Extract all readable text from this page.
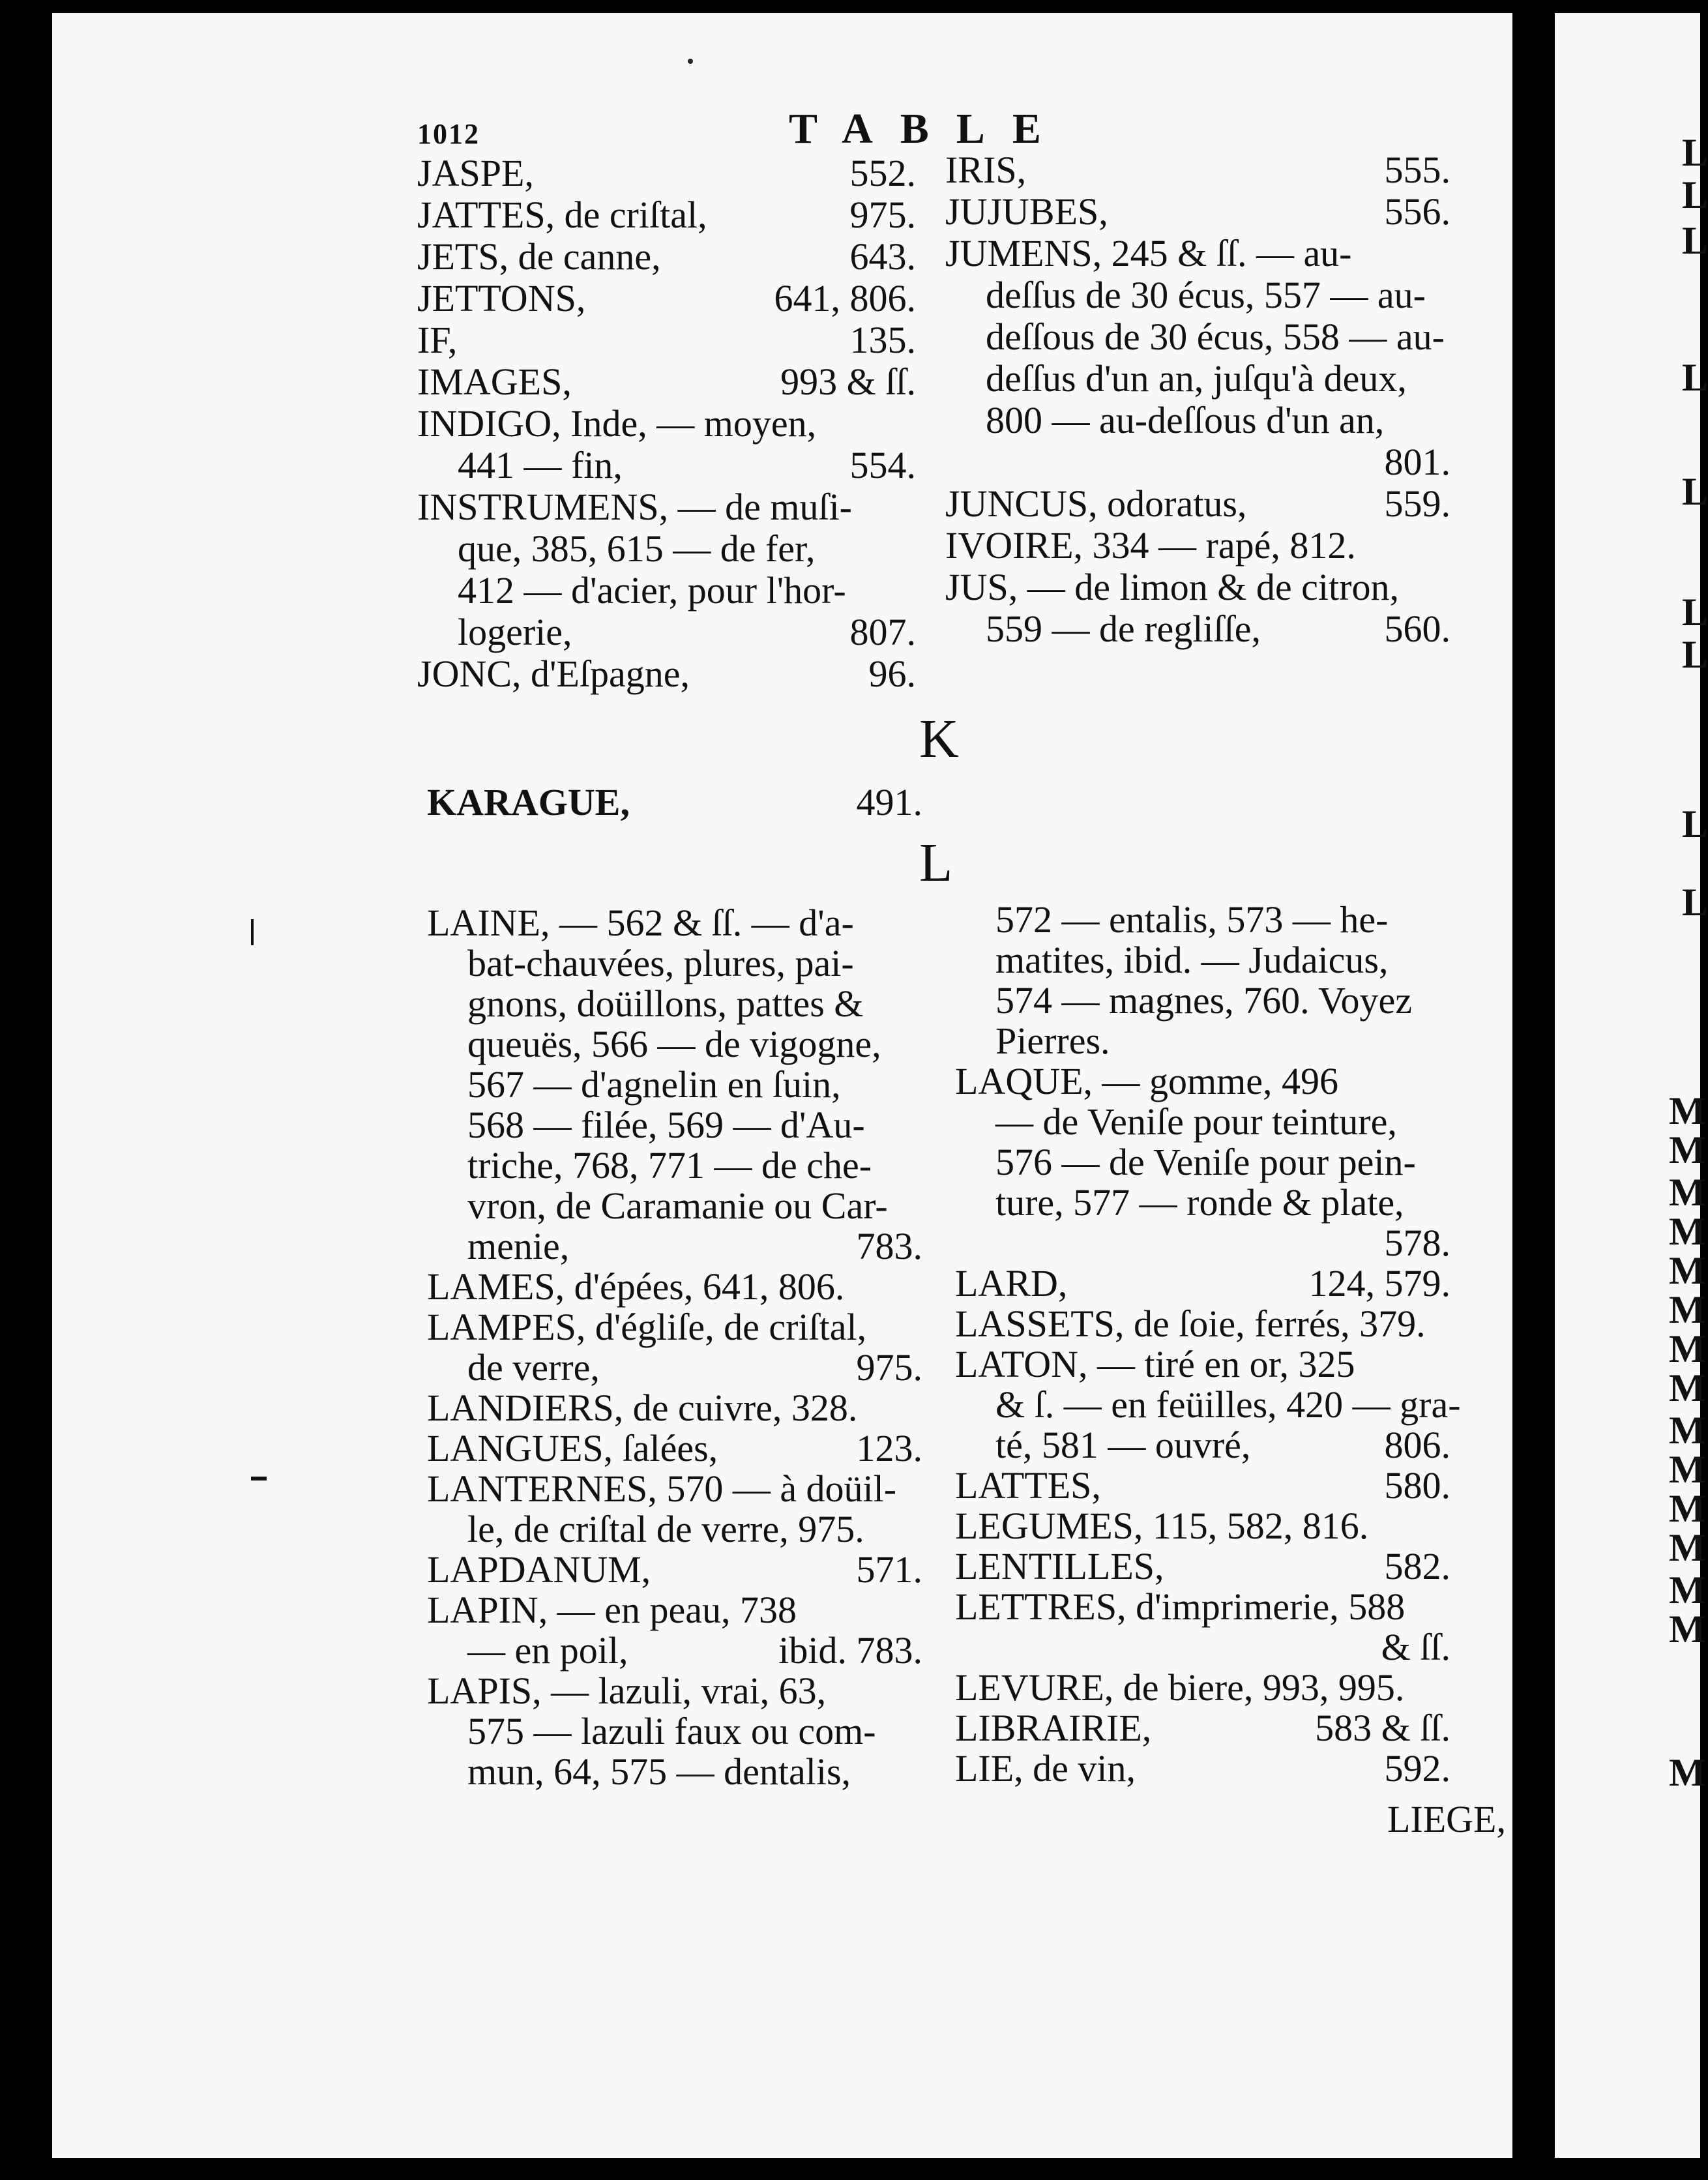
1012	TABLE
JASPE,	552.
JATTES, de criſtal,	975.
JETS, de canne,	643.
JETTONS,	641, 806.
IF,	135.
IMAGES,	993 & ſſ.
INDIGO, Inde, — moyen,
441 — fin,	554.
INSTRUMENS, — de muſi-
que, 385, 615 — de fer,
412 — d'acier, pour l'hor-
logerie,	807.
JONC, d'Eſpagne,	96.
IRIS,	555.
JUJUBES,	556.
JUMENS, 245 & ſſ. — au-
deſſus de 30 écus, 557 — au-
deſſous de 30 écus, 558 — au-
deſſus d'un an, juſqu'à deux,
800 — au-deſſous d'un an,
801.
JUNCUS, odoratus,	559.
IVOIRE, 334 — rapé, 812.
JUS, — de limon & de citron,
559 — de regliſſe,	560.
K
KARAGUE,	491.
L
LAINE, — 562 & ſſ. — d'a-
bat-chauvées, plures, pai-
gnons, doüillons, pattes &
queuës, 566 — de vigogne,
567 — d'agnelin en ſuin,
568 — filée, 569 — d'Au-
triche, 768, 771 — de che-
vron, de Caramanie ou Car-
menie,	783.
LAMES, d'épées, 641, 806.
LAMPES, d'égliſe, de criſtal,
de verre,	975.
LANDIERS, de cuivre, 328.
LANGUES, ſalées,	123.
LANTERNES, 570 — à doüil-
le, de criſtal de verre, 975.
LAPDANUM,	571.
LAPIN, — en peau, 738
— en poil,	ibid. 783.
LAPIS, — lazuli, vrai, 63,
575 — lazuli faux ou com-
mun, 64, 575 — dentalis,
572 — entalis, 573 — he-
matites, ibid. — Judaicus,
574 — magnes, 760. Voyez
Pierres.
LAQUE, — gomme, 496
— de Veniſe pour teinture,
576 — de Veniſe pour pein-
ture, 577 — ronde & plate,
578.
LARD,	124, 579.
LASSETS, de ſoie, ferrés, 379.
LATON, — tiré en or, 325
& ſ. — en feüilles, 420 — gra-
té, 581 — ouvré,	806.
LATTES,	580.
LEGUMES, 115, 582, 816.
LENTILLES,	582.
LETTRES, d'imprimerie, 588
& ſſ.
LEVURE, de biere, 993, 995.
LIBRAIRIE,	583 & ſſ.
LIE, de vin,	592.
LIEGE,
L
L
L
L
L
L
L
L
L
M
M
M
M
M
M
M
M
M
M
M
M
M
M
M
